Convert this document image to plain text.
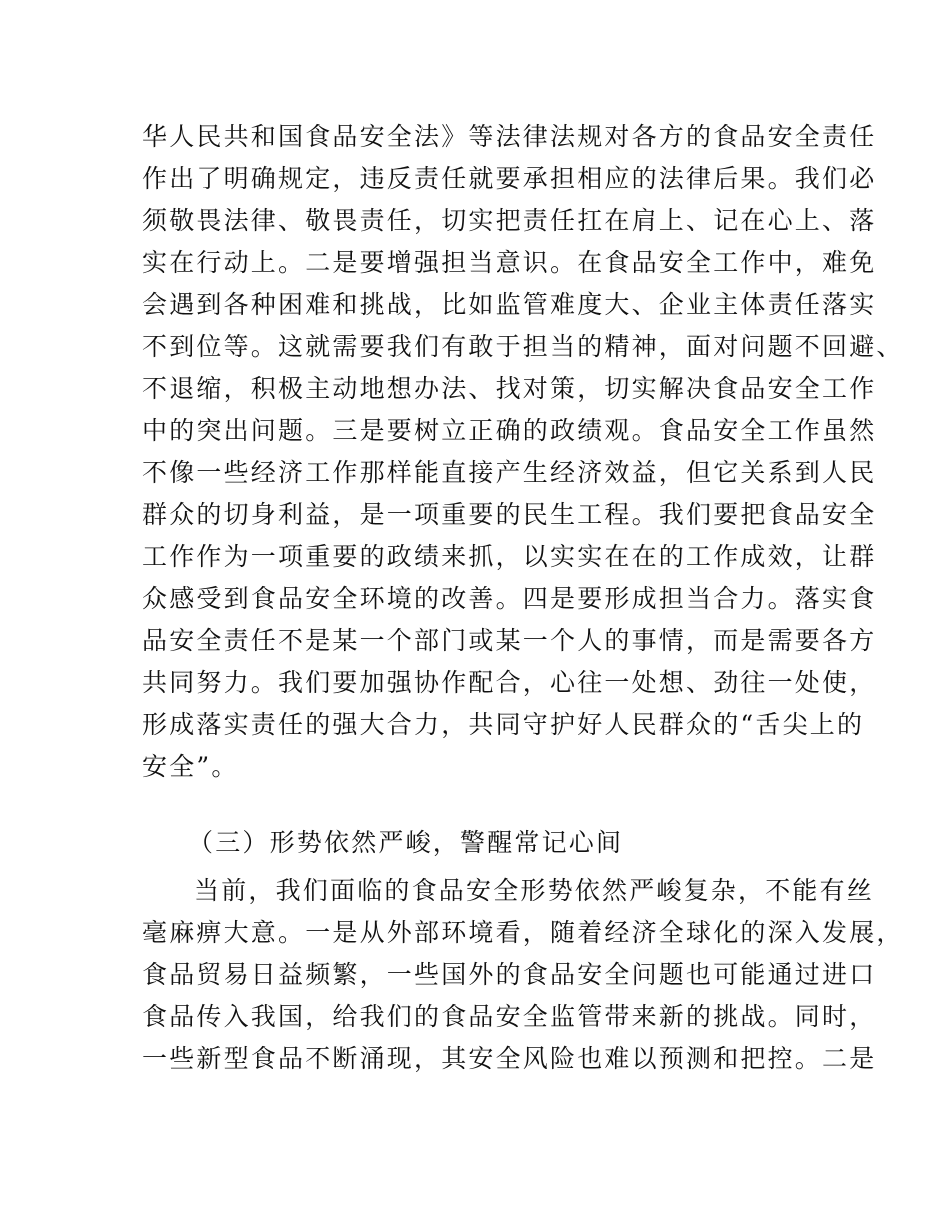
华人民共和国食品安全法》等法律法规对各方的食品安全责任
作出了明确规定，违反责任就要承担相应的法律后果。我们必
须敬畏法律、敬畏责任，切实把责任扛在肩上、记在心上、落
实在行动上。二是要增强担当意识。在食品安全工作中，难免
会遇到各种困难和挑战，比如监管难度大、企业主体责任落实
不到位等。这就需要我们有敢于担当的精神，面对问题不回避、
不退缩，积极主动地想办法、找对策，切实解决食品安全工作
中的突出问题。三是要树立正确的政绩观。食品安全工作虽然
不像一些经济工作那样能直接产生经济效益，但它关系到人民
群众的切身利益，是一项重要的民生工程。我们要把食品安全
工作作为一项重要的政绩来抓，以实实在在的工作成效，让群
众感受到食品安全环境的改善。四是要形成担当合力。落实食
品安全责任不是某一个部门或某一个人的事情，而是需要各方
共同努力。我们要加强协作配合，心往一处想、劲往一处使，
形成落实责任的强大合力，共同守护好人民群众的“舌尖上的
安全”。
（三）形势依然严峻，警醒常记心间
当前，我们面临的食品安全形势依然严峻复杂，不能有丝
毫麻痹大意。一是从外部环境看，随着经济全球化的深入发展，
食品贸易日益频繁，一些国外的食品安全问题也可能通过进口
食品传入我国，给我们的食品安全监管带来新的挑战。同时，
一些新型食品不断涌现，其安全风险也难以预测和把控。二是
